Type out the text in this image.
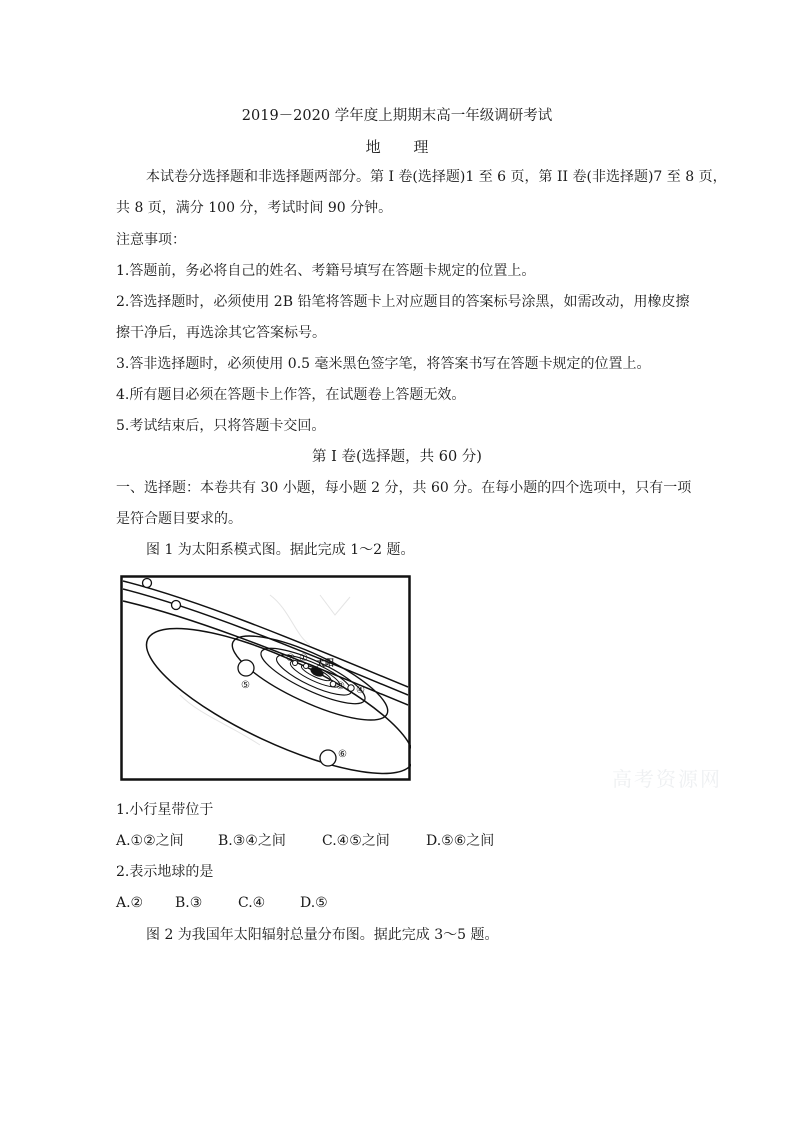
2019－2020 学年度上期期末高一年级调研考试
地 理
本试卷分选择题和非选择题两部分。第 I 卷(选择题)1 至 6 页，第 II 卷(非选择题)7 至 8 页，
共 8 页，满分 100 分，考试时间 90 分钟。
注意事项：
1.答题前，务必将自己的姓名、考籍号填写在答题卡规定的位置上。
2.答选择题时，必须使用 2B 铅笔将答题卡上对应题目的答案标号涂黑，如需改动，用橡皮擦
擦干净后，再选涂其它答案标号。
3.答非选择题时，必须使用 0.5 毫米黑色签字笔，将答案书写在答题卡规定的位置上。
4.所有题目必须在答题卡上作答，在试题卷上答题无效。
5.考试结束后，只将答题卡交回。
第 I 卷(选择题，共 60 分)
一、选择题：本卷共有 30 小题，每小题 2 分，共 60 分。在每小题的四个选项中，只有一项
是符合题目要求的。
图 1 为太阳系模式图。据此完成 1～2 题。
太阳
② ①
③ ④
⑤
⑥
高考资源网
1.小行星带位于
A.①②之间 B.③④之间	C.④⑤之间	D.⑤⑥之间
2.表示地球的是
A.② B.③	C.④ D.⑤
图 2 为我国年太阳辐射总量分布图。据此完成 3～5 题。
